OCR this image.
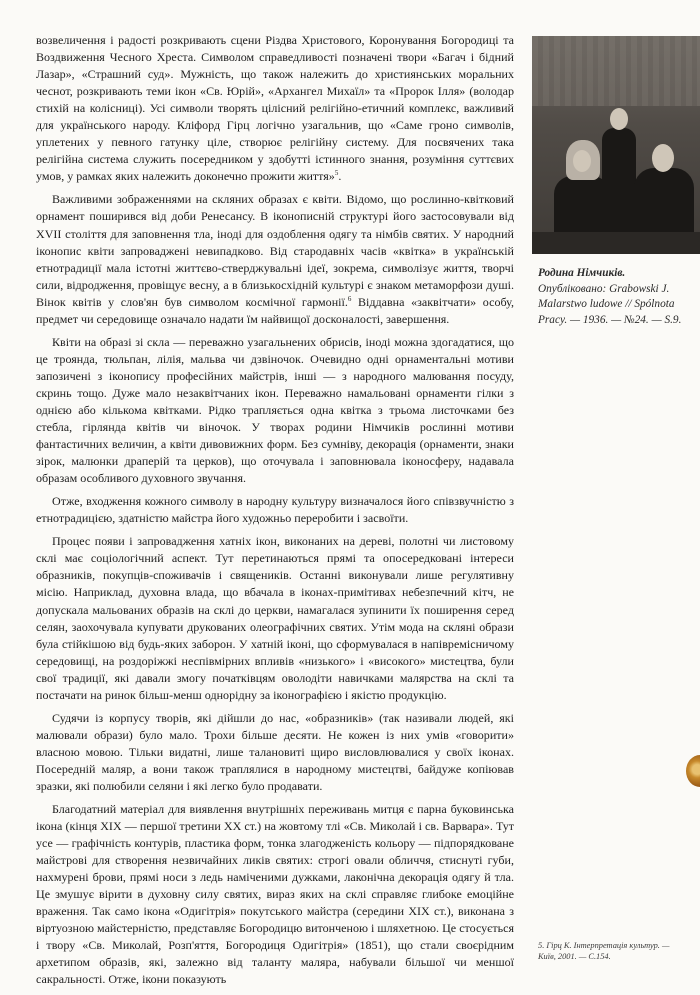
возвеличення і радості розкривають сцени Різдва Христового, Коронування Богородиці та Воздвиження Чесного Хреста. Символом справедливості позначені твори «Багач і бідний Лазар», «Страшний суд». Мужність, що також належить до християнських моральних чеснот, розкривають теми ікон «Св. Юрій», «Архангел Михаїл» та «Пророк Ілля» (володар стихій на колісниці). Усі символи творять цілісний релігійно-етичний комплекс, важливий для українського народу. Кліфорд Гірц логічно узагальнив, що «Саме гроно символів, уплетених у певного гатунку ціле, створює релігійну систему. Для посвячених така релігійна система служить посередником у здобутті істинного знання, розуміння суттєвих умов, у рамках яких належить доконечно прожити життя»$^5$.

Важливими зображеннями на скляних образах є квіти. Відомо, що рослинно-квітковий орнамент поширився від доби Ренесансу. В іконописній структурі його застосовували від XVII століття для заповнення тла, іноді для оздоблення одягу та німбів святих. У народний іконопис квіти запроваджені невипадково. Від стародавніх часів «квітка» в українській етнотрадиції мала істотні життєво-стверджувальні ідеї, зокрема, символізує життя, творчі сили, відродження, провіщує весну, а в близькосхідній культурі є знаком метаморфози душі. Вінок квітів у слов'ян був символом космічної гармонії.$^6$ Віддавна «заквітчати» особу, предмет чи середовище означало надати їм найвищої досконалості, завершення.

Квіти на образі зі скла — переважно узагальнених обрисів, іноді можна здогадатися, що це троянда, тюльпан, лілія, мальва чи дзвіночок. Очевидно одні орнаментальні мотиви запозичені з іконопису професійних майстрів, інші — з народного малювання посуду, скринь тощо. Дуже мало незаквітчаних ікон. Переважно намальовані орнаменти гілки з однією або кількома квітками. Рідко трапляється одна квітка з трьома листочками без стебла, гірлянда квітів чи віночок. У творах родини Німчиків рослинні мотиви фантастичних величин, а квіти дивовижних форм. Без сумніву, декорація (орнаменти, знаки зірок, малюнки драперій та церков), що оточувала і заповнювала іконосферу, надавала образам особливого духовного звучання.

Отже, входження кожного символу в народну культуру визначалося його співзвучністю з етнотрадицією, здатністю майстра його художньо переробити і засвоїти.

Процес появи і запровадження хатніх ікон, виконаних на дереві, полотні чи листовому склі має соціологічний аспект. Тут перетинаються прямі та опосередковані інтереси образників, покупців-споживачів і священиків. Останні виконували лише регулятивну місію. Наприклад, духовна влада, що вбачала в іконах-примітивах небезпечний кітч, не допускала мальованих образів на склі до церкви, намагалася зупинити їх поширення серед селян, заохочувала купувати друкованих олеографічних святих. Утім мода на скляні образи була стійкішою від будь-яких заборон. У хатній іконі, що сформувалася в напівремісничому середовищі, на роздоріжжі неспівмірних впливів «низького» і «високого» мистецтва, були свої традиції, які давали змогу початківцям оволодіти навичками малярства на склі та постачати на ринок більш-менш однорідну за іконографією і якістю продукцію.

Судячи із корпусу творів, які дійшли до нас, «образників» (так називали людей, які малювали образи) було мало. Трохи більше десяти. Не кожен із них умів «говорити» власною мовою. Тільки видатні, лише талановиті щиро висловлювалися у своїх іконах. Посередній маляр, а вони також траплялися в народному мистецтві, байдуже копіював зразки, які полюбили селяни і які легко було продавати.

Благодатний матеріал для виявлення внутрішніх переживань митця є парна буковинська ікона (кінця XIX — першої третини XX ст.) на жовтому тлі «Св. Миколай і св. Варвара». Тут усе — графічність контурів, пластика форм, тонка злагодженість кольору — підпорядковане майстрові для створення незвичайних ликів святих: строгі овали обличчя, стиснуті губи, нахмурені брови, прямі носи з ледь наміченими дужками, лаконічна декорація одягу й тла. Це змушує вірити в духовну силу святих, вираз яких на склі справляє глибоке емоційне враження. Так само ікона «Одигітрія» покутського майстра (середини XIX ст.), виконана з віртуозною майстерністю, представляє Богородицю витонченою і шляхетною. Це стосується і твору «Св. Миколай, Розп'яття, Богородиця Одигітрія» (1851), що стали своєрідним архетипом образів, які, залежно від таланту маляра, набували більшої чи меншої сакральності. Отже, ікони показують

Родина Німчиків.
Опубліковано: Grabowski J. Malarstwo ludowe // Spólnota Pracy. — 1936. — №24. — S.9.
5. Гірц К. Інтерпретація культур. — Київ, 2001. — С.154.
